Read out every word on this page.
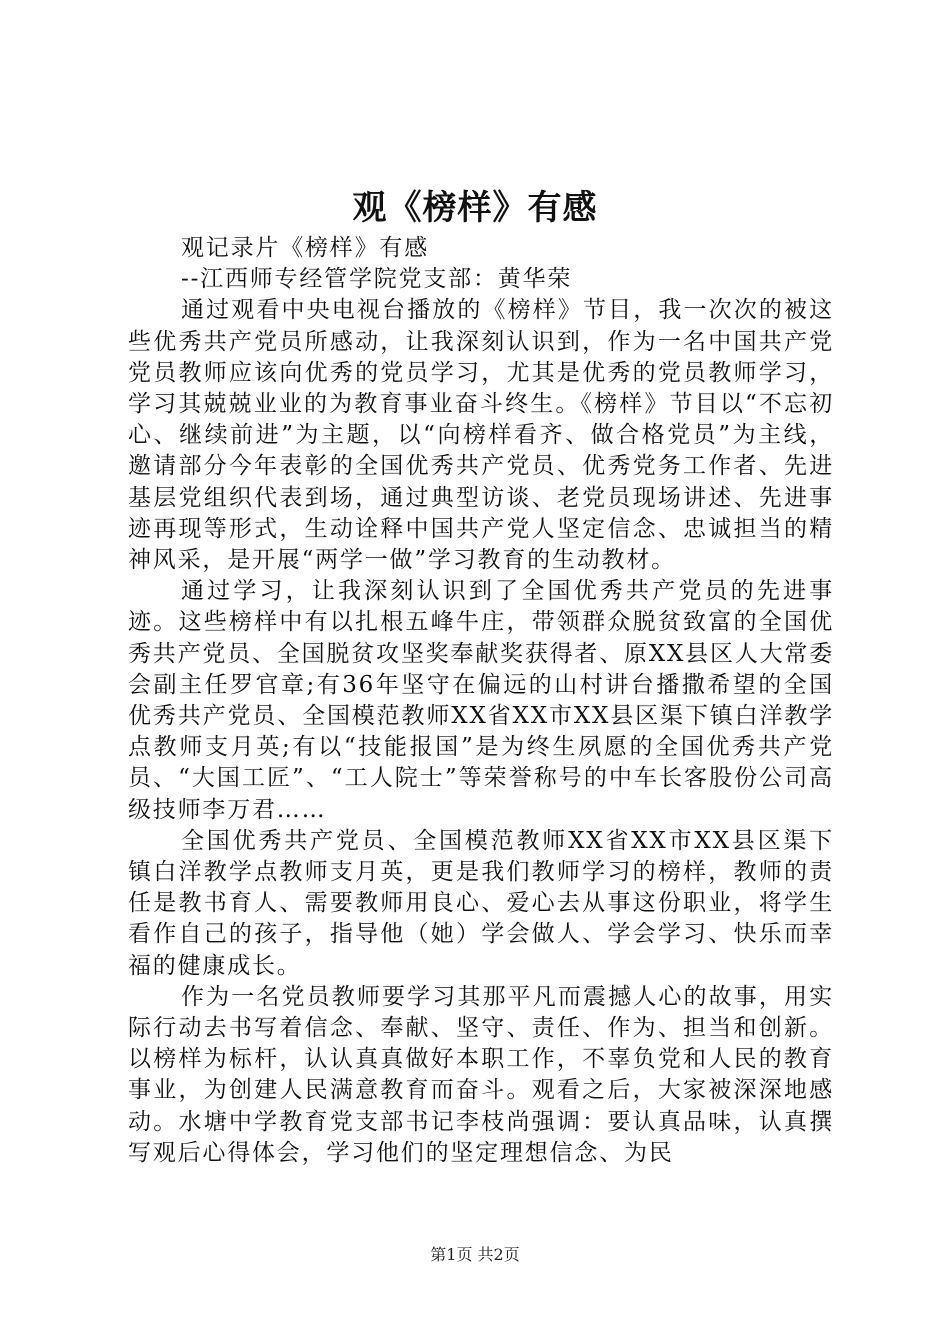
观《榜样》有感

观记录片《榜样》有感

--江西师专经管学院党支部：黄华荣

通过观看中央电视台播放的《榜样》节目，我一次次的被这些优秀共产党员所感动，让我深刻认识到，作为一名中国共产党党员教师应该向优秀的党员学习，尤其是优秀的党员教师学习，学习其兢兢业业的为教育事业奋斗终生。《榜样》节目以“不忘初心、继续前进”为主题，以“向榜样看齐、做合格党员”为主线，邀请部分今年表彰的全国优秀共产党员、优秀党务工作者、先进基层党组织代表到场，通过典型访谈、老党员现场讲述、先进事迹再现等形式，生动诠释中国共产党人坚定信念、忠诚担当的精神风采，是开展“两学一做”学习教育的生动教材。

通过学习，让我深刻认识到了全国优秀共产党员的先进事迹。这些榜样中有以扎根五峰牛庄，带领群众脱贫致富的全国优秀共产党员、全国脱贫攻坚奖奉献奖获得者、原XX县区人大常委会副主任罗官章;有36年坚守在偏远的山村讲台播撒希望的全国优秀共产党员、全国模范教师XX省XX市XX县区渠下镇白洋教学点教师支月英;有以“技能报国”是为终生夙愿的全国优秀共产党员、“大国工匠”、“工人院士”等荣誉称号的中车长客股份公司高级技师李万君……

全国优秀共产党员、全国模范教师XX省XX市XX县区渠下镇白洋教学点教师支月英，更是我们教师学习的榜样，教师的责任是教书育人、需要教师用良心、爱心去从事这份职业，将学生看作自己的孩子，指导他（她）学会做人、学会学习、快乐而幸福的健康成长。

作为一名党员教师要学习其那平凡而震撼人心的故事，用实际行动去书写着信念、奉献、坚守、责任、作为、担当和创新。以榜样为标杆，认认真真做好本职工作，不辜负党和人民的教育事业，为创建人民满意教育而奋斗。观看之后，大家被深深地感动。水塘中学教育党支部书记李枝尚强调：要认真品味，认真撰写观后心得体会，学习他们的坚定理想信念、为民

第1页 共2页
